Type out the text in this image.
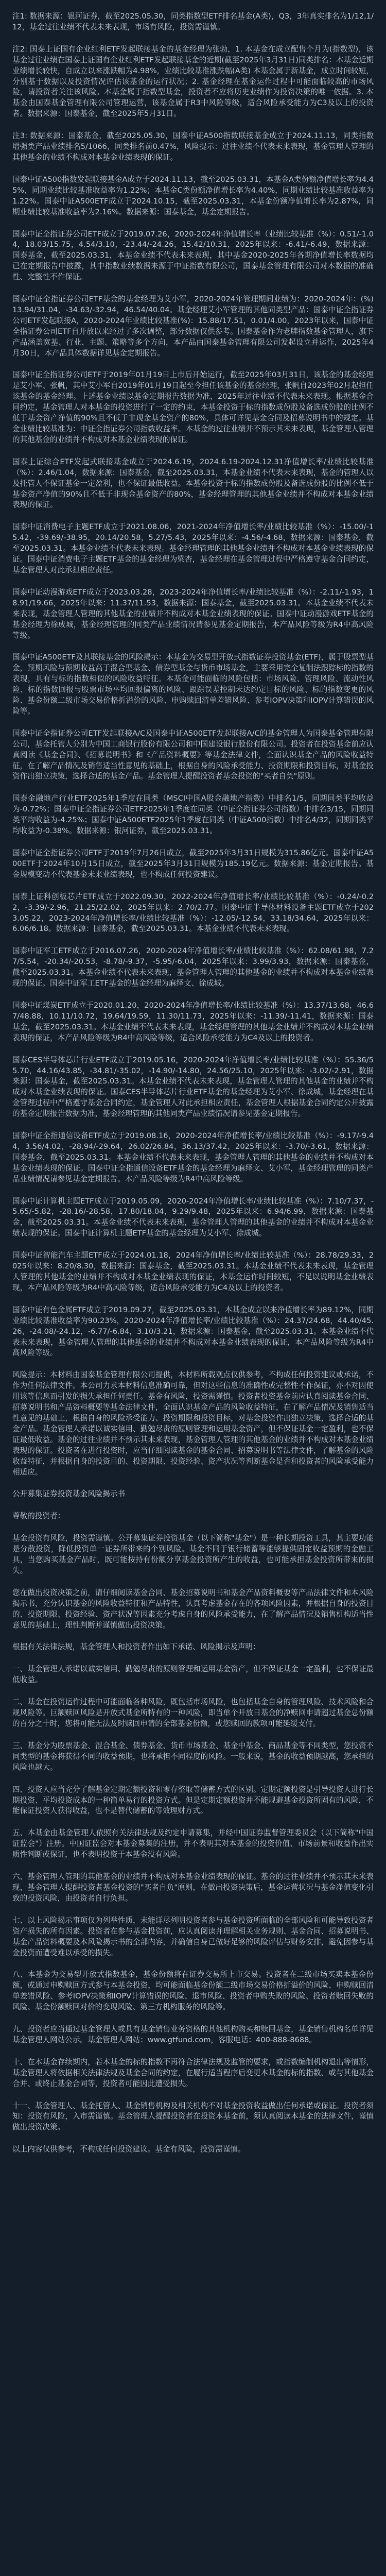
注1: 数据来源：银河证券，截至2025.05.30，同类指数型ETF排名基金(A类)，Q3，3年真实排名为1/12,1/12，基金过往业绩不代表未来表现，市场有风险，投资需谨慎。

注2: 国泰上证国有企业红利ETF发起联接基金的基金经理为张勃，1. 本基金在成立配售个月为(指数型)，该基金过往业绩在国泰上证国有企业红利ETF发起联接基金的近期(截至2025年3月31日)同类排名：本基金近期业绩增长较快，自成立以来涨跌幅为4.98%，业绩比较基准涨跌幅(A类) 本基金属于新基金，成立时间较短，分别基于数据以及投资情况评估该基金的运行状况；2. 基金经理在基金运作过程中可能面临较高的市场风险，请投资者关注该风险。本基金属于指数型基金，投资者不应将历史业绩作为投资决策的唯一依据。3. 本基金由国泰基金管理有限公司管理运营，该基金属于R3中风险等级，适合风险承受能力为C3及以上的投资者。数据来源：国泰基金，截至2025年5月31日。

注3: 数据来源：国泰基金，截至2025.05.30，国泰中证A500指数联接基金成立于2024.11.13，同类指数增强类产品业绩排名5/1066，同类排名前0.47%，风险提示：过往业绩不代表未来表现，基金管理人管理的其他基金的业绩不构成对本基金业绩表现的保证。

国泰中证A500指数发起联接基金A成立于2024.11.13，截至2025.03.31，本基金A类份额净值增长率为4.45%，同期业绩比较基准收益率为1.22%；本基金C类份额净值增长率为4.40%，同期业绩比较基准收益率为1.22%。国泰中证A500ETF成立于2024.10.15，截至2025.03.31，本基金份额净值增长率为2.87%，同期业绩比较基准收益率为2.16%。数据来源：国泰基金，基金定期报告。

国泰中证全指证券公司ETF成立于2019.07.26，2020-2024年净值增长率（业绩比较基准（%）：0.51/-1.04，18.03/15.75，4.54/3.10，-23.44/-24.26，15.42/10.31，2025年以来：-6.41/-6.49，数据来源：国泰基金，截至2025.03.31，本基金业绩不代表未来表现，其中基金2020-2025年各期净值增长率数据均已在定期报告中披露，其中指数业绩数据来源于中证指数有限公司，国泰基金管理有限公司对本数据的准确性、完整性不作保证。

国泰中证全指证券公司ETF基金的基金经理为艾小军，2020-2024年管理期间业绩为：2020-2024年：(%) 13.94/31.04，-34.63/-32.94，46.54/40.04。基金经理艾小军管理的其他同类型产品：国泰中证全指证券公司ETF发起联接A，2020-2024年业绩比较基准(%)：15.88/17.51，0.01/4.00，2023年以来，国泰中证全指证券公司ETF自开放以来经过了多次调整，部分数据仅供参考。国泰基金作为老牌指数基金管理人，旗下产品涵盖宽基、行业、主题、策略等多个方向，本产品由国泰基金管理有限公司发起设立并运作，2025年4月30日，本产品具体数据详见基金定期报告。

国泰中证全指证券公司ETF于2019年01月19日上市后开始运行，截至2025年03月31日，该基金的基金经理是艾小军、张帆，其中艾小军自2019年01月19日起至今担任该基金的基金经理，张帆自2023年02月起担任该基金的基金经理。上述基金业绩以基金定期报告数据为准，2025年过往业绩不代表未来表现。根据基金合同约定，基金管理人对本基金的投资进行了一定的约束，本基金投资于标的指数成份股及备选成份股的比例不低于基金资产净值的90%且不低于非现金基金资产的80%，具体可详见基金合同及招募说明书中的规定。基金业绩比较基准为：中证全指证券公司指数收益率。本基金的过往业绩并不预示其未来表现，基金管理人管理的其他基金的业绩并不构成对本基金业绩表现的保证。

国泰上证综合ETF发起式联接基金成立于2024.6.19，2024.6.19-2024.12.31净值增长率/业绩比较基准（%）：2.46/1.04，数据来源：国泰基金，截至2025.03.31，本基金业绩不代表未来表现，基金的管理人以及托管人不保证基金一定盈利，也不保证最低收益。本基金投资于标的指数成份股及备选成份股的比例不低于基金资产净值的90%且不低于非现金基金资产的80%，基金经理管理的其他基金业绩并不构成对本基金业绩表现的保证。

国泰中证消费电子主题ETF成立于2021.08.06，2021-2024年净值增长率/业绩比较基准（%）：-15.00/-15.42，-39.69/-38.95，20.14/20.58，5.27/5.43，2025年以来：-4.56/-4.68，数据来源：国泰基金，截至2025.03.31。本基金业绩不代表未来表现。基金经理管理的其他基金业绩并不构成对本基金业绩表现的保证。国泰中证消费电子主题ETF基金的基金经理为梁杏，基金经理在基金管理过程中严格遵守基金合同约定，基金管理人对此承担相应责任。

国泰中证动漫游戏ETF成立于2023.03.28，2023-2024年净值增长率/业绩比较基准（%）：-2.11/-1.93，18.91/19.66，2025年以来：11.37/11.53，数据来源：国泰基金，截至2025.03.31。本基金业绩不代表未来表现，基金管理人管理的其他基金的业绩并不构成对本基金业绩表现的保证。国泰中证动漫游戏ETF基金的基金经理为徐成城，基金经理管理的同类产品业绩情况请参见基金定期报告，本产品风险等级为R4中高风险等级。

国泰中证A500ETF及其联接基金的风险揭示：本基金为交易型开放式指数证券投资基金(ETF)，属于股票型基金，预期风险与预期收益高于混合型基金、债券型基金与货币市场基金，主要采用完全复制法跟踪标的指数的表现，具有与标的指数相似的风险收益特征。本基金可能面临的风险包括：市场风险、管理风险、流动性风险、标的指数回报与股票市场平均回报偏离的风险、跟踪误差控制未达约定目标的风险、标的指数变更的风险、基金份额二级市场交易价格折溢价的风险、申购赎回清单差错风险、参考IOPV决策和IOPV计算错误的风险等。

国泰中证全指证券公司ETF发起联接A/C及国泰中证A500ETF发起联接A/C的基金管理人为国泰基金管理有限公司，基金托管人分别为中国工商银行股份有限公司和中国建设银行股份有限公司。投资者在投资基金前应认真阅读《基金合同》、《招募说明书》和《产品资料概要》等基金法律文件，全面认识基金产品的风险收益特征，在了解产品情况及销售适当性意见的基础上，根据自身的风险承受能力、投资期限和投资目标，对基金投资作出独立决策，选择合适的基金产品。基金管理人提醒投资者基金投资的"买者自负"原则。

国泰金融地产行业ETF2025年1季度在同类（MSCI中国A股金融地产指数）中排名1/5，同期同类平均收益为-0.72%；国泰中证全指证券公司ETF2025年1季度在同类（中证全指证券公司指数）中排名3/15，同期同类平均收益为-4.25%；国泰中证A500ETF2025年1季度在同类（中证A500指数）中排名4/32，同期同类平均收益为-0.38%。数据来源：银河证券，截至2025.03.31。

国泰中证全指证券公司ETF于2019年7月26日成立，截至2025年3月31日规模为315.86亿元。国泰中证A500ETF于2024年10月15日成立，截至2025年3月31日规模为185.19亿元。数据来源：基金定期报告。基金规模变动不代表基金未来业绩表现，也不构成任何投资建议。

国泰上证科创板芯片ETF成立于2022.09.30，2022-2024年净值增长率/业绩比较基准（%）：-0.24/-0.22，-3.39/-2.96，21.25/22.02，2025年以来：2.70/2.77。国泰中证半导体材料设备主题ETF成立于2023.05.22，2023-2024年净值增长率/业绩比较基准（%）：-12.05/-12.54，33.18/34.64，2025年以来：6.06/6.18。数据来源：国泰基金，截至2025.03.31。本基金业绩不代表未来表现。

国泰中证军工ETF成立于2016.07.26，2020-2024年净值增长率/业绩比较基准（%）：62.08/61.98，7.27/5.54，-20.34/-20.53，-8.78/-9.37，-5.95/-6.04，2025年以来：3.99/3.93，数据来源：国泰基金，截至2025.03.31。本基金业绩不代表未来表现，基金管理人管理的其他基金的业绩并不构成对本基金业绩表现的保证。国泰中证军工ETF基金的基金经理为麻绎文、徐成城。

国泰中证煤炭ETF成立于2020.01.20，2020-2024年净值增长率/业绩比较基准（%）：13.37/13.68，46.67/48.88，10.11/10.72，19.64/19.59，11.30/11.73，2025年以来：-11.39/-11.41，数据来源：国泰基金，截至2025.03.31。本基金业绩不代表未来表现，基金经理管理的其他基金业绩并不构成对本基金业绩表现的保证，本产品风险等级为R4中高风险等级，适合风险承受能力为C4及以上的投资者。

国泰CES半导体芯片行业ETF成立于2019.05.16，2020-2024年净值增长率/业绩比较基准（%）：55.36/55.70，44.16/43.85，-34.81/-35.02，-14.90/-14.80，24.56/25.10，2025年以来：-3.02/-2.91，数据来源：国泰基金，截至2025.03.31。本基金业绩不代表未来表现，基金管理人管理的其他基金的业绩并不构成对本基金业绩表现的保证。国泰CES半导体芯片行业ETF基金的基金经理为艾小军、徐成城，基金经理在基金管理过程中严格遵守基金合同约定，基金管理人对此承担相应责任，基金管理人根据基金合同约定公开披露的基金定期报告数据为准，基金经理管理的其他同类产品业绩情况请参见基金定期报告。

国泰中证全指通信设备ETF成立于2019.08.16，2020-2024年净值增长率/业绩比较基准（%）：-9.17/-9.44，3.56/4.02，-28.94/-29.64，26.02/26.84，36.13/37.42，2025年以来：-3.70/-3.61，数据来源：国泰基金，截至2025.03.31。本基金业绩不代表未来表现，基金管理人管理的其他基金的业绩并不构成对本基金业绩表现的保证。国泰中证全指通信设备ETF基金的基金经理为麻绎文、艾小军，基金经理管理的同类产品业绩情况请参见基金定期报告。本产品风险等级为R4中高风险等级。

国泰中证计算机主题ETF成立于2019.05.09，2020-2024年净值增长率/业绩比较基准（%）：7.10/7.37，-5.65/-5.82，-28.16/-28.58，17.80/18.04，9.29/9.48，2025年以来：6.94/6.99，数据来源：国泰基金，截至2025.03.31。本基金业绩不代表未来表现，基金管理人管理的其他基金的业绩并不构成对本基金业绩表现的保证。国泰中证计算机主题ETF基金的基金经理为艾小军、徐成城。

国泰中证智能汽车主题ETF成立于2024.01.18，2024年净值增长率/业绩比较基准（%）：28.78/29.33，2025年以来：8.20/8.30，数据来源：国泰基金，截至2025.03.31。本基金业绩不代表未来表现，基金管理人管理的其他基金的业绩并不构成对本基金业绩表现的保证，本基金运作时间较短，不足以说明基金业绩表现，本产品风险等级为R4中高风险等级，适合风险承受能力为C4及以上的投资者。

国泰中证有色金属ETF成立于2019.09.27，截至2025.03.31，本基金成立以来净值增长率为89.12%，同期业绩比较基准收益率为90.23%，2020-2024年净值增长率/业绩比较基准（%）：24.37/24.68，44.40/45.26，-24.08/-24.12，-6.77/-6.84，3.10/3.21，数据来源：国泰基金，截至2025.03.31。本基金业绩不代表未来表现，基金管理人管理的其他基金的业绩并不构成对本基金业绩表现的保证，本产品风险等级为R4中高风险等级。

风险提示：本材料由国泰基金管理有限公司提供，本材料所载观点仅供参考，不构成任何投资建议或承诺，不作为任何法律文件。本公司力求本材料信息准确可靠，但对这些信息的准确性或完整性不作保证，亦不对因使用该等信息而引发的损失承担任何责任。基金有风险，投资需谨慎。投资者投资基金前应认真阅读基金合同、招募说明书和产品资料概要等基金法律文件，全面认识基金产品的风险收益特征，在了解产品情况及销售适当性意见的基础上，根据自身的风险承受能力、投资期限和投资目标，对基金投资作出独立决策，选择合适的基金产品。基金管理人承诺以诚实信用、勤勉尽责的原则管理和运用基金资产，但不保证基金一定盈利，也不保证最低收益。基金的过往业绩并不预示其未来表现，基金管理人管理的其他基金的业绩并不构成对本基金业绩表现的保证。投资者在进行投资时，应当仔细阅读基金的基金合同、招募说明书等法律文件，了解基金的风险收益特征，并根据自身的投资目的、投资期限、投资经验、资产状况等判断基金是否和投资者的风险承受能力相适应。

公开募集证券投资基金风险揭示书

尊敬的投资者：

基金投资有风险，投资需谨慎。公开募集证券投资基金（以下简称"基金"）是一种长期投资工具，其主要功能是分散投资，降低投资单一证券所带来的个别风险。基金不同于银行储蓄等能够提供固定收益预期的金融工具，当您购买基金产品时，既可能按持有份额分享基金投资所产生的收益，也可能承担基金投资所带来的损失。

您在做出投资决策之前，请仔细阅读基金合同、基金招募说明书和基金产品资料概要等产品法律文件和本风险揭示书，充分认识基金的风险收益特征和产品特性，认真考虑基金存在的各项风险因素，并根据自身的投资目的、投资期限、投资经验、资产状况等因素充分考虑自身的风险承受能力，在了解产品情况及销售机构适当性意见的基础上，理性判断并谨慎做出投资决策。

根据有关法律法规，基金管理人和投资者作出如下承诺、风险揭示及声明：

一、基金管理人承诺以诚实信用、勤勉尽责的原则管理和运用基金资产，但不保证基金一定盈利，也不保证最低收益。

二、基金在投资运作过程中可能面临各种风险，既包括市场风险，也包括基金自身的管理风险、技术风险和合规风险等。巨额赎回风险是开放式基金所特有的一种风险，即当单个开放日基金的净赎回申请超过基金总份额的百分之十时，您将可能无法及时赎回申请的全部基金份额，或您赎回的款项可能延缓支付。

三、基金分为股票基金、混合基金、债券基金、货币市场基金、基金中基金、商品基金等不同类型，您投资不同类型的基金将获得不同的收益预期，也将承担不同程度的风险。一般来说，基金的收益预期越高，您承担的风险也越大。

四、投资人应当充分了解基金定期定额投资和零存整取等储蓄方式的区别。定期定额投资是引导投资人进行长期投资、平均投资成本的一种简单易行的投资方式。但是定期定额投资并不能规避基金投资所固有的风险，不能保证投资人获得收益，也不是替代储蓄的等效理财方式。

五、本基金由基金管理人依照有关法律法规及约定申请募集，并经中国证券监督管理委员会（以下简称"中国证监会"）注册。中国证监会对本基金募集的注册，并不表明其对本基金的投资价值、市场前景和收益作出实质性判断或保证，也不表明投资于本基金没有风险。

六、基金管理人管理的其他基金的业绩并不构成对本基金业绩表现的保证。基金的过往业绩并不预示其未来表现，基金管理人提醒投资者基金投资的"买者自负"原则，在做出投资决策后，基金运营状况与基金净值变化引致的投资风险，由投资者自行负担。

七、以上风险揭示事项仅为列举性质，未能详尽列明投资者参与基金投资所面临的全部风险和可能导致投资者资产损失的所有因素。投资者在参与基金投资前，应认真阅读并理解相关业务规则、基金合同、招募说明书、基金产品资料概要及本风险揭示书的全部内容，并确信自身已做好足够的风险评估与财务安排，避免因参与基金投资而遭受难以承受的损失。

八、本基金为交易型开放式指数基金，基金份额将在证券交易所上市交易。投资者在二级市场买卖本基金份额，或通过申购赎回方式参与本基金投资，均可能面临基金份额二级市场交易价格折溢价的风险、申购赎回清单差错风险、参考IOPV决策和IOPV计算错误的风险、退市风险、投资者申购失败的风险、投资者赎回失败的风险、基金份额赎回对价的变现风险、第三方机构服务的风险等。

九、投资者应当通过基金管理人或具有基金销售业务资格的其他机构购买和赎回基金，基金销售机构名单详见基金管理人网站公示。基金管理人网站：www.gtfund.com，客服电话：400-888-8688。

十、在本基金存续期内，若本基金的标的指数不再符合法律法规及监管的要求，或指数编制机构退出等情形，基金管理人将依据相关法律法规及基金合同的约定，在履行适当程序后变更本基金的标的指数、或与其他基金合并、或终止基金合同等，投资者可能因此遭受损失。

十一、基金管理人、基金托管人、基金销售机构及相关机构不对基金投资收益做出任何承诺或保证。投资者须知：投资有风险，入市需谨慎。基金管理人提醒投资者在投资本基金前，须认真阅读本基金的法律文件，谨慎做出投资决策。

以上内容仅供参考，不构成任何投资建议。基金有风险，投资需谨慎。
